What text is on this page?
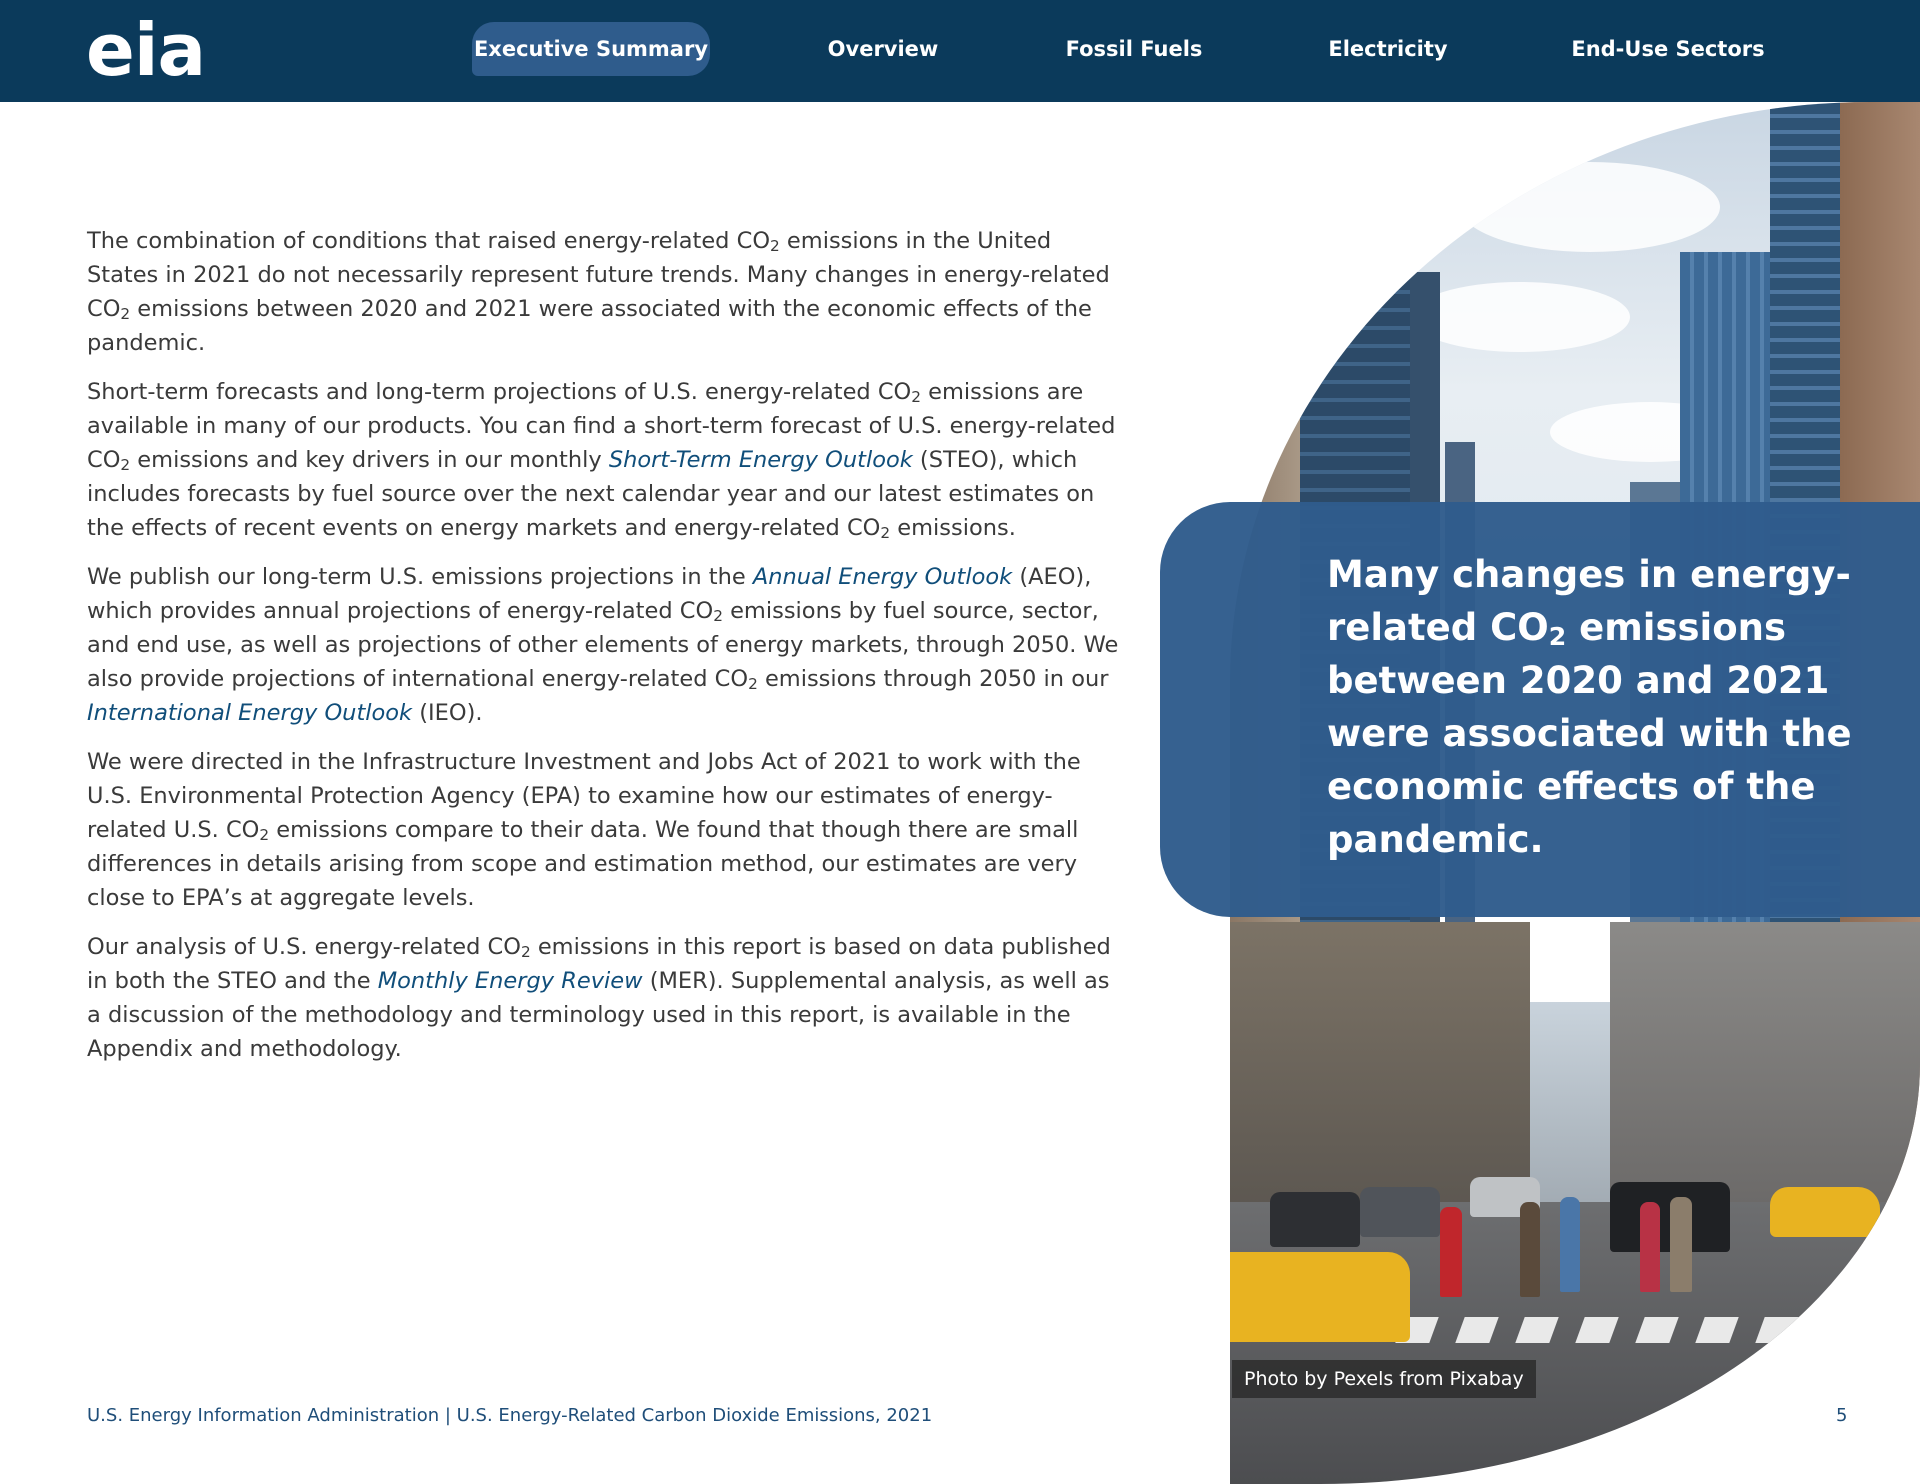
eia	Executive Summary	Overview	Fossil Fuels	Electricity	End-Use Sectors

The combination of conditions that raised energy-related $CO_2$ emissions in the United States in 2021 do not necessarily represent future trends. Many changes in energy-related $CO_2$ emissions between 2020 and 2021 were associated with the economic effects of the pandemic.

Short-term forecasts and long-term projections of U.S. energy-related $CO_2$ emissions are available in many of our products. You can find a short-term forecast of U.S. energy-related $CO_2$ emissions and key drivers in our monthly Short-Term Energy Outlook (STEO), which includes forecasts by fuel source over the next calendar year and our latest estimates on the effects of recent events on energy markets and energy-related $CO_2$ emissions.

We publish our long-term U.S. emissions projections in the Annual Energy Outlook (AEO), which provides annual projections of energy-related $CO_2$ emissions by fuel source, sector, and end use, as well as projections of other elements of energy markets, through 2050. We also provide projections of international energy-related $CO_2$ emissions through 2050 in our International Energy Outlook (IEO).

We were directed in the Infrastructure Investment and Jobs Act of 2021 to work with the U.S. Environmental Protection Agency (EPA) to examine how our estimates of energy-related U.S. $CO_2$ emissions compare to their data. We found that though there are small differences in details arising from scope and estimation method, our estimates are very close to EPA’s at aggregate levels.

Our analysis of U.S. energy-related $CO_2$ emissions in this report is based on data published in both the STEO and the Monthly Energy Review (MER). Supplemental analysis, as well as a discussion of the methodology and terminology used in this report, is available in the Appendix and methodology.

Photo by Pexels from Pixabay
Many changes in energy-related $CO_2$ emissions between 2020 and 2021 were associated with the economic effects of the pandemic.
U.S. Energy Information Administration | U.S. Energy-Related Carbon Dioxide Emissions, 2021	5
